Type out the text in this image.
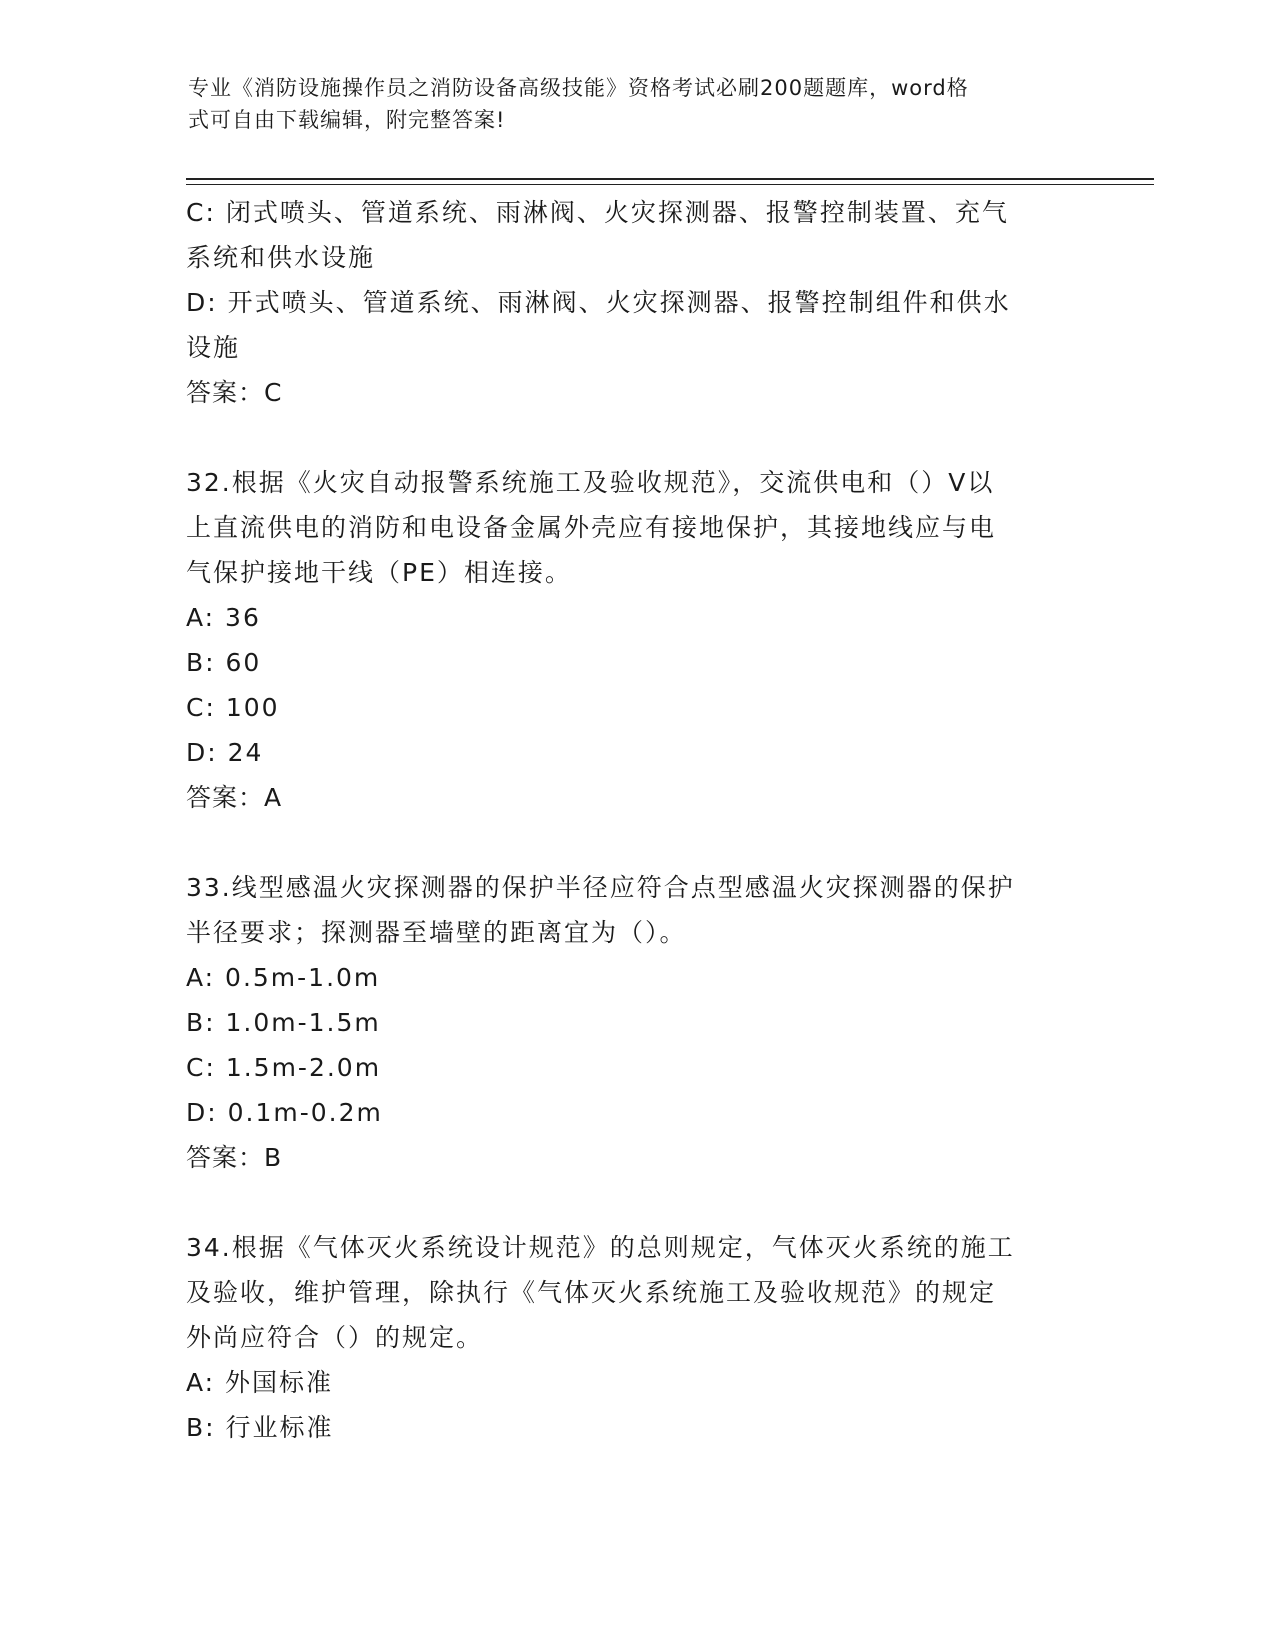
专业《消防设施操作员之消防设备高级技能》资格考试必刷200题题库，word格
式可自由下载编辑，附完整答案!
C: 闭式喷头、管道系统、雨淋阀、火灾探测器、报警控制装置、充气
系统和供水设施
D: 开式喷头、管道系统、雨淋阀、火灾探测器、报警控制组件和供水
设施
答案：C
32.根据《火灾自动报警系统施工及验收规范》，交流供电和（）V以
上直流供电的消防和电设备金属外壳应有接地保护，其接地线应与电
气保护接地干线（PE）相连接。
A: 36
B: 60
C: 100
D: 24
答案：A
33.线型感温火灾探测器的保护半径应符合点型感温火灾探测器的保护
半径要求；探测器至墙壁的距离宜为（）。
A: 0.5m-1.0m
B: 1.0m-1.5m
C: 1.5m-2.0m
D: 0.1m-0.2m
答案：B
34.根据《气体灭火系统设计规范》的总则规定，气体灭火系统的施工
及验收，维护管理，除执行《气体灭火系统施工及验收规范》的规定
外尚应符合（）的规定。
A: 外国标准
B: 行业标准
